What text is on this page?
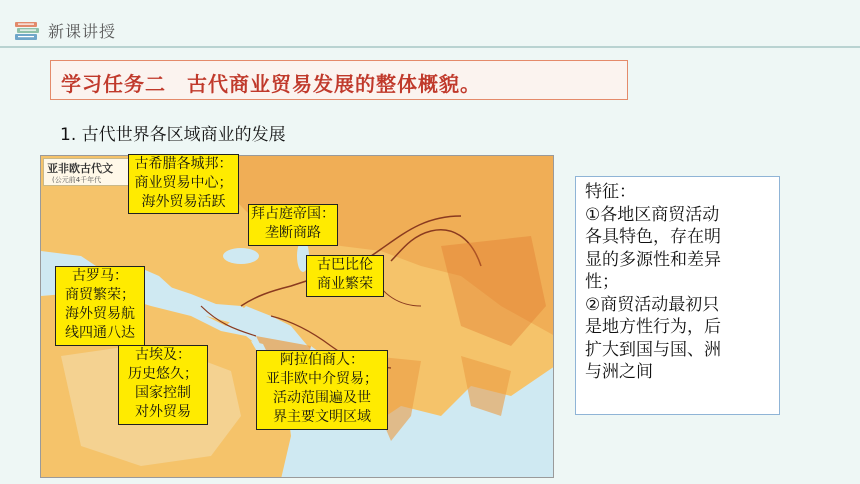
新课讲授
学习任务二　古代商业贸易发展的整体概貌。
1. 古代世界各区域商业的发展
亚非欧古代文
(公元前4千年代
古希腊各城邦：
商业贸易中心；
海外贸易活跃
拜占庭帝国：
垄断商路
古巴比伦
商业繁荣
古罗马：
商贸繁荣；
海外贸易航
线四通八达
古埃及：
历史悠久；
国家控制
对外贸易
阿拉伯商人：
亚非欧中介贸易；
活动范围遍及世
界主要文明区域
特征：
①各地区商贸活动
各具特色，存在明
显的多源性和差异
性；
②商贸活动最初只
是地方性行为，后
扩大到国与国、洲
与洲之间
